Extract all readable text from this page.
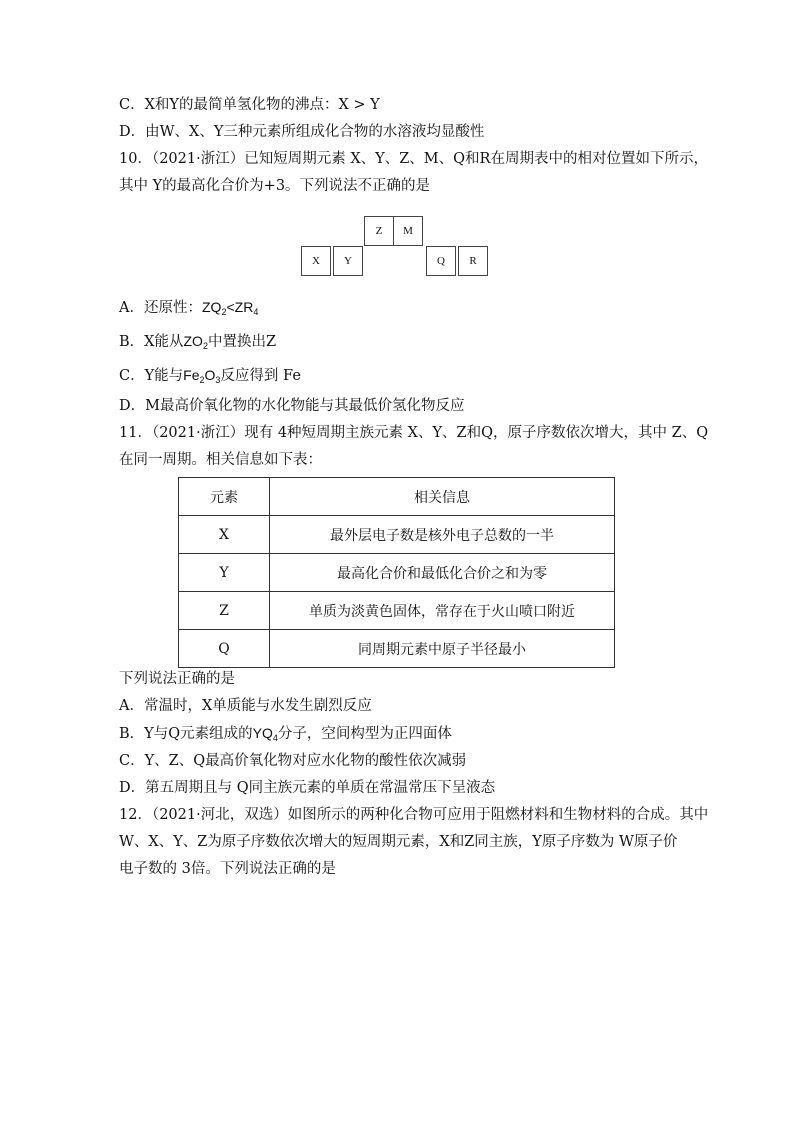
C．X和Y的最简单氢化物的沸点：X > Y
D．由W、X、Y三种元素所组成化合物的水溶液均显酸性
10．（2021·浙江）已知短周期元素 X、Y、Z、M、Q和R在周期表中的相对位置如下所示，
其中 Y的最高化合价为+3。下列说法不正确的是
Z	M
X	Y	Q	R
A．还原性：$ZQ_2<ZR_4$
B．X能从$ZO_2$中置换出Z
C．Y能与$Fe_2O_3$反应得到 Fe
D．M最高价氧化物的水化物能与其最低价氢化物反应
11．（2021·浙江）现有 4种短周期主族元素 X、Y、Z和Q，原子序数依次增大，其中 Z、Q
在同一周期。相关信息如下表：
元素	相关信息
X	最外层电子数是核外电子总数的一半
Y	最高化合价和最低化合价之和为零
Z	单质为淡黄色固体，常存在于火山喷口附近
Q	同周期元素中原子半径最小
下列说法正确的是
A．常温时，X单质能与水发生剧烈反应
B．Y与Q元素组成的$YQ_4$分子，空间构型为正四面体
C．Y、Z、Q最高价氧化物对应水化物的酸性依次减弱
D．第五周期且与 Q同主族元素的单质在常温常压下呈液态
12．（2021·河北，双选）如图所示的两种化合物可应用于阻燃材料和生物材料的合成。其中
W、X、Y、Z为原子序数依次增大的短周期元素，X和Z同主族，Y原子序数为 W原子价
电子数的 3倍。下列说法正确的是
